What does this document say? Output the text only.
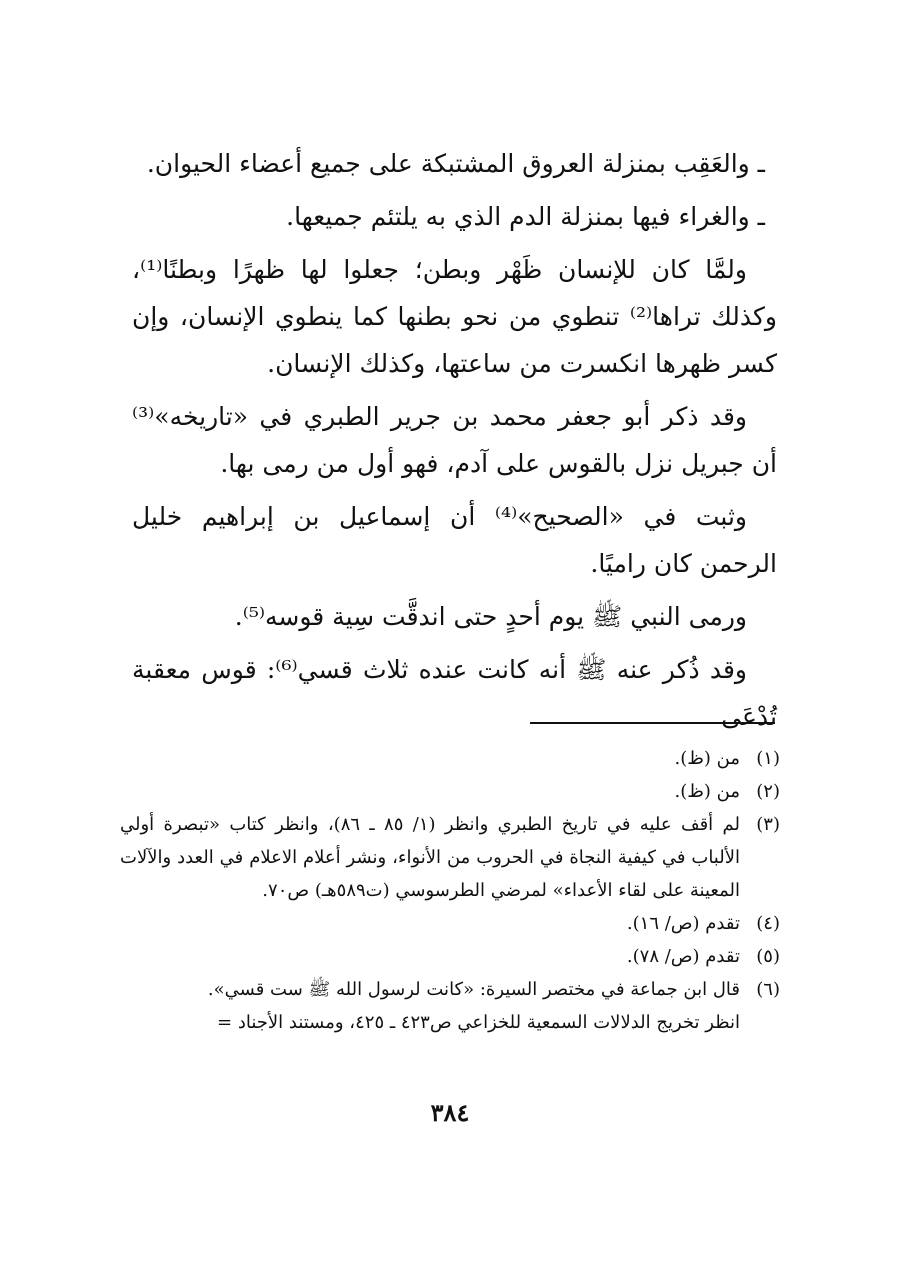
ـ والعَقِب بمنزلة العروق المشتبكة على جميع أعضاء الحيوان.

ـ والغراء فيها بمنزلة الدم الذي به يلتئم جميعها.

ولمَّا كان للإنسان ظَهْر وبطن؛ جعلوا لها ظهرًا وبطنًا⁽¹⁾، وكذلك تراها⁽²⁾ تنطوي من نحو بطنها كما ينطوي الإنسان، وإن كسر ظهرها انكسرت من ساعتها، وكذلك الإنسان.

وقد ذكر أبو جعفر محمد بن جرير الطبري في «تاريخه»⁽³⁾ أن جبريل نزل بالقوس على آدم، فهو أول من رمى بها.

وثبت في «الصحيح»⁽⁴⁾ أن إسماعيل بن إبراهيم خليل الرحمن كان راميًا.

ورمى النبي ﷺ يوم أحدٍ حتى اندقَّت سِية قوسه⁽⁵⁾.

وقد ذُكر عنه ﷺ أنه كانت عنده ثلاث قسي⁽⁶⁾: قوس معقبة تُدْعَى

(١)
من (ظ).
(٢)
من (ظ).
(٣)
لم أقف عليه في تاريخ الطبري وانظر (١/ ٨٥ ـ ٨٦)، وانظر كتاب «تبصرة أولي الألباب في كيفية النجاة في الحروب من الأنواء، ونشر أعلام الاعلام في العدد والآلات المعينة على لقاء الأعداء» لمرضي الطرسوسي (ت٥٨٩هـ) ص٧٠.
(٤)
تقدم (ص/ ١٦).
(٥)
تقدم (ص/ ٧٨).
(٦)
قال ابن جماعة في مختصر السيرة: «كانت لرسول الله ﷺ ست قسي».
انظر تخريج الدلالات السمعية للخزاعي ص٤٢٣ ـ ٤٢٥، ومستند الأجناد =
٣٨٤
